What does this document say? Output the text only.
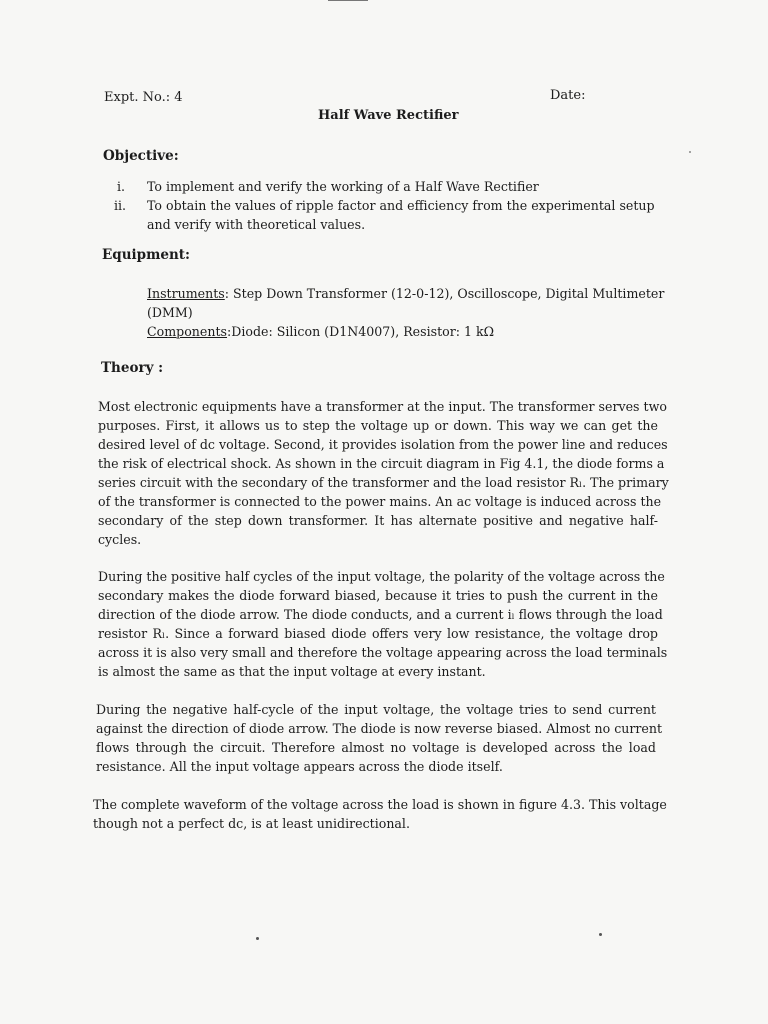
Expt. No.: 4	Date:
Half Wave Rectifier
Objective:
i. To implement and verify the working of a Half Wave Rectifier
ii. To obtain the values of ripple factor and efficiency from the experimental setup
and verify with theoretical values.
Equipment:
Instruments: Step Down Transformer (12-0-12), Oscilloscope, Digital Multimeter
(DMM)
Components:Diode: Silicon (D1N4007), Resistor: 1 kΩ
Theory :
Most electronic equipments have a transformer at the input. The transformer serves two
purposes. First, it allows us to step the voltage up or down. This way we can get the
desired level of dc voltage. Second, it provides isolation from the power line and reduces
the risk of electrical shock. As shown in the circuit diagram in Fig 4.1, the diode forms a
series circuit with the secondary of the transformer and the load resistor Rₗ. The primary
of the transformer is connected to the power mains. An ac voltage is induced across the
secondary of the step down transformer. It has alternate positive and negative half-
cycles.
During the positive half cycles of the input voltage, the polarity of the voltage across the
secondary makes the diode forward biased, because it tries to push the current in the
direction of the diode arrow. The diode conducts, and a current iₗ flows through the load
resistor Rₗ. Since a forward biased diode offers very low resistance, the voltage drop
across it is also very small and therefore the voltage appearing across the load terminals
is almost the same as that the input voltage at every instant.
During the negative half-cycle of the input voltage, the voltage tries to send current
against the direction of diode arrow. The diode is now reverse biased. Almost no current
flows through the circuit. Therefore almost no voltage is developed across the load
resistance. All the input voltage appears across the diode itself.
The complete waveform of the voltage across the load is shown in figure 4.3. This voltage
though not a perfect dc, is at least unidirectional.
